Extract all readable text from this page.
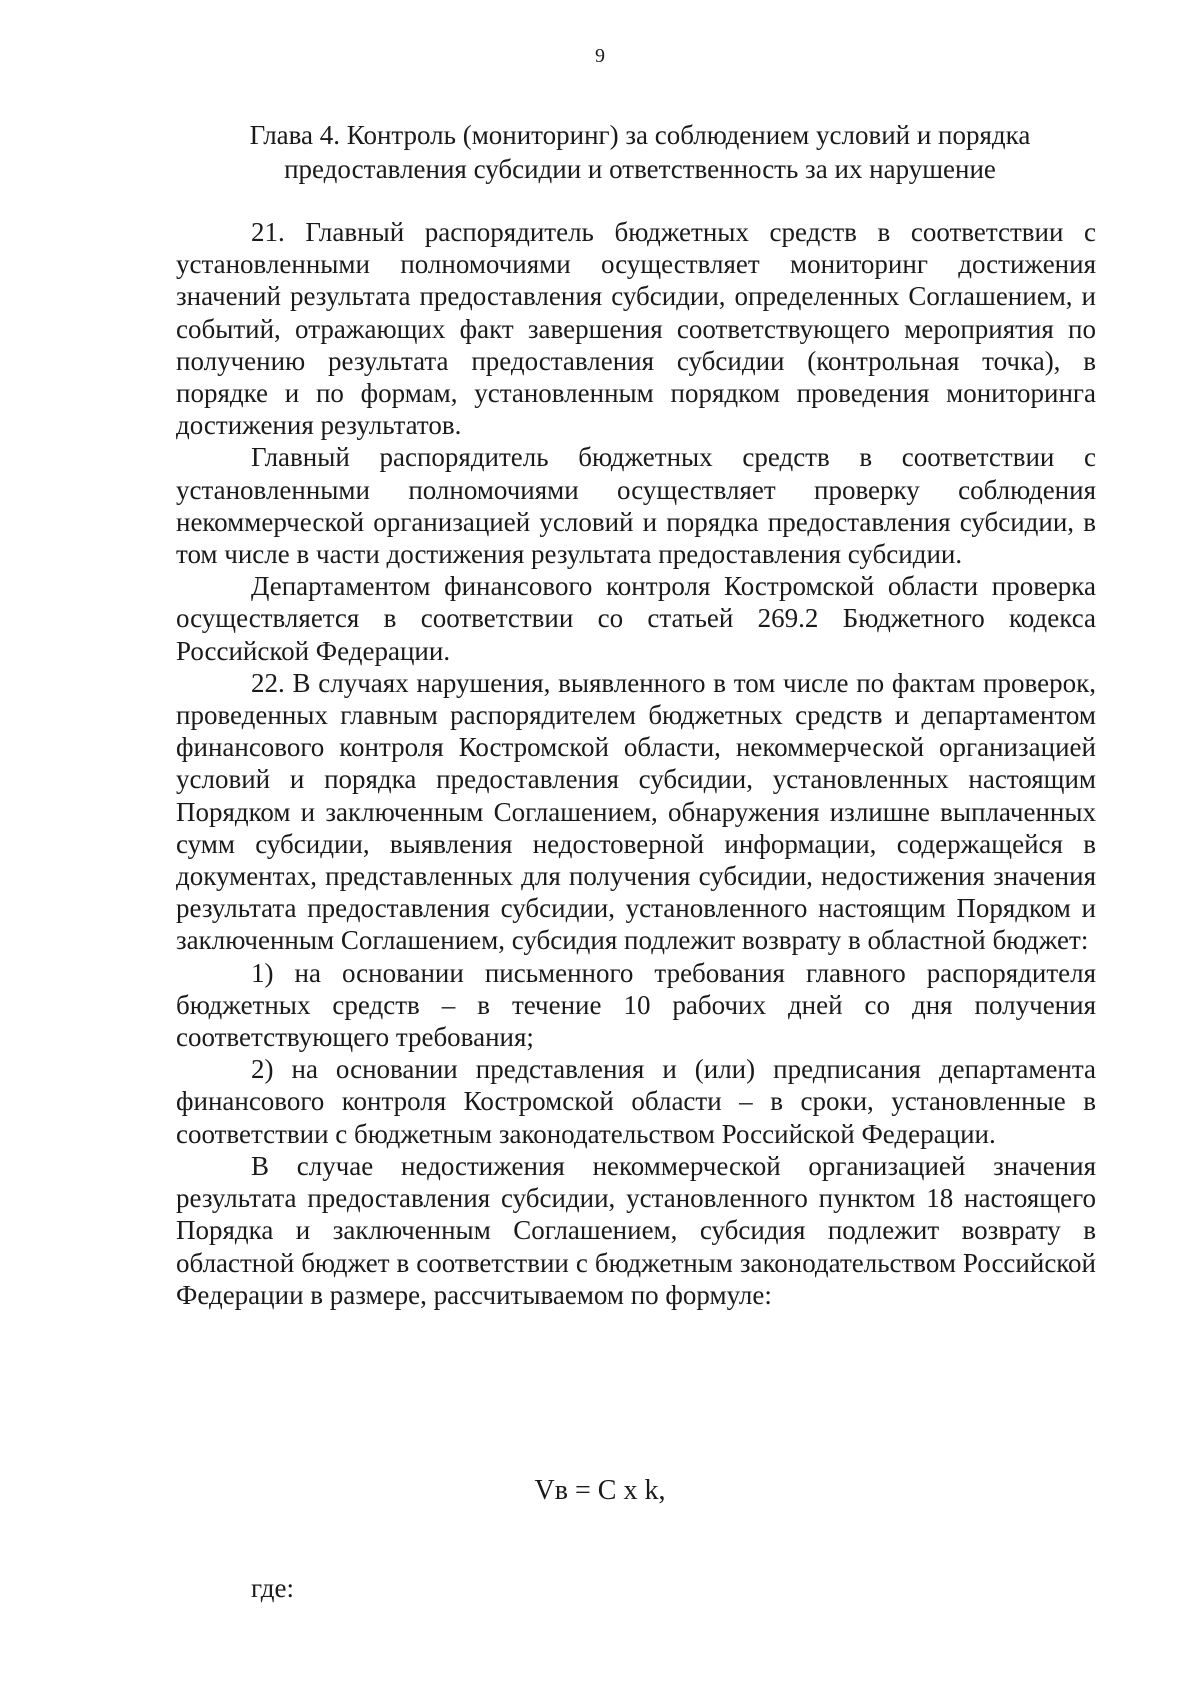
9
Глава 4. Контроль (мониторинг) за соблюдением условий и порядка
предоставления субсидии и ответственность за их нарушение

21. Главный распорядитель бюджетных средств в соответствии с установленными полномочиями осуществляет мониторинг достижения значений результата предоставления субсидии, определенных Соглашением, и событий, отражающих факт завершения соответствующего мероприятия по получению результата предоставления субсидии (контрольная точка), в порядке и по формам, установленным порядком проведения мониторинга достижения результатов.

Главный распорядитель бюджетных средств в соответствии с установленными полномочиями осуществляет проверку соблюдения некоммерческой организацией условий и порядка предоставления субсидии, в том числе в части достижения результата предоставления субсидии.

Департаментом финансового контроля Костромской области проверка осуществляется в соответствии со статьей 269.2 Бюджетного кодекса Российской Федерации.

22. В случаях нарушения, выявленного в том числе по фактам проверок, проведенных главным распорядителем бюджетных средств и департаментом финансового контроля Костромской области, некоммерческой организацией условий и порядка предоставления субсидии, установленных настоящим Порядком и заключенным Соглашением, обнаружения излишне выплаченных сумм субсидии, выявления недостоверной информации, содержащейся в документах, представленных для получения субсидии, недостижения значения результата предоставления субсидии, установленного настоящим Порядком и заключенным Соглашением, субсидия подлежит возврату в областной бюджет:

1) на основании письменного требования главного распорядителя бюджетных средств – в течение 10 рабочих дней со дня получения соответствующего требования;

2) на основании представления и (или) предписания департамента финансового контроля Костромской области – в сроки, установленные в соответствии с бюджетным законодательством Российской Федерации.

В случае недостижения некоммерческой организацией значения результата предоставления субсидии, установленного пунктом 18 настоящего Порядка и заключенным Соглашением, субсидия подлежит возврату в областной бюджет в соответствии с бюджетным законодательством Российской Федерации в размере, рассчитываемом по формуле:

Vв = C x k,
где:
